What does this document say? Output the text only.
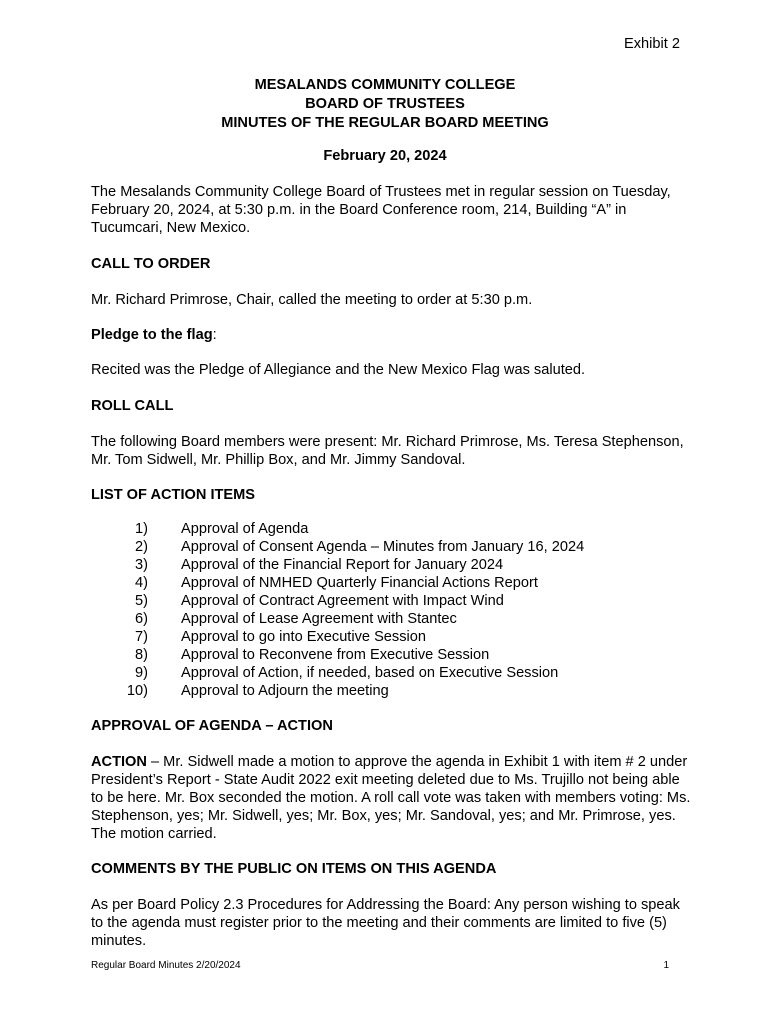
Exhibit 2
MESALANDS COMMUNITY COLLEGE
BOARD OF TRUSTEES
MINUTES OF THE REGULAR BOARD MEETING
February 20, 2024
The Mesalands Community College Board of Trustees met in regular session on Tuesday, February 20, 2024, at 5:30 p.m. in the Board Conference room, 214, Building “A” in Tucumcari, New Mexico.
CALL TO ORDER
Mr. Richard Primrose, Chair, called the meeting to order at 5:30 p.m.
Pledge to the flag:
Recited was the Pledge of Allegiance and the New Mexico Flag was saluted.
ROLL CALL
The following Board members were present: Mr. Richard Primrose, Ms. Teresa Stephenson, Mr. Tom Sidwell, Mr. Phillip Box, and Mr. Jimmy Sandoval.
LIST OF ACTION ITEMS
1) Approval of Agenda
2) Approval of Consent Agenda – Minutes from January 16, 2024
3) Approval of the Financial Report for January 2024
4) Approval of NMHED Quarterly Financial Actions Report
5) Approval of Contract Agreement with Impact Wind
6) Approval of Lease Agreement with Stantec
7) Approval to go into Executive Session
8) Approval to Reconvene from Executive Session
9) Approval of Action, if needed, based on Executive Session
10) Approval to Adjourn the meeting
APPROVAL OF AGENDA – ACTION
ACTION – Mr. Sidwell made a motion to approve the agenda in Exhibit 1 with item # 2 under President’s Report - State Audit 2022 exit meeting deleted due to Ms. Trujillo not being able to be here. Mr. Box seconded the motion. A roll call vote was taken with members voting: Ms. Stephenson, yes; Mr. Sidwell, yes; Mr. Box, yes; Mr. Sandoval, yes; and Mr. Primrose, yes. The motion carried.
COMMENTS BY THE PUBLIC ON ITEMS ON THIS AGENDA
As per Board Policy 2.3 Procedures for Addressing the Board: Any person wishing to speak to the agenda must register prior to the meeting and their comments are limited to five (5) minutes.
Regular Board Minutes 2/20/2024	1
